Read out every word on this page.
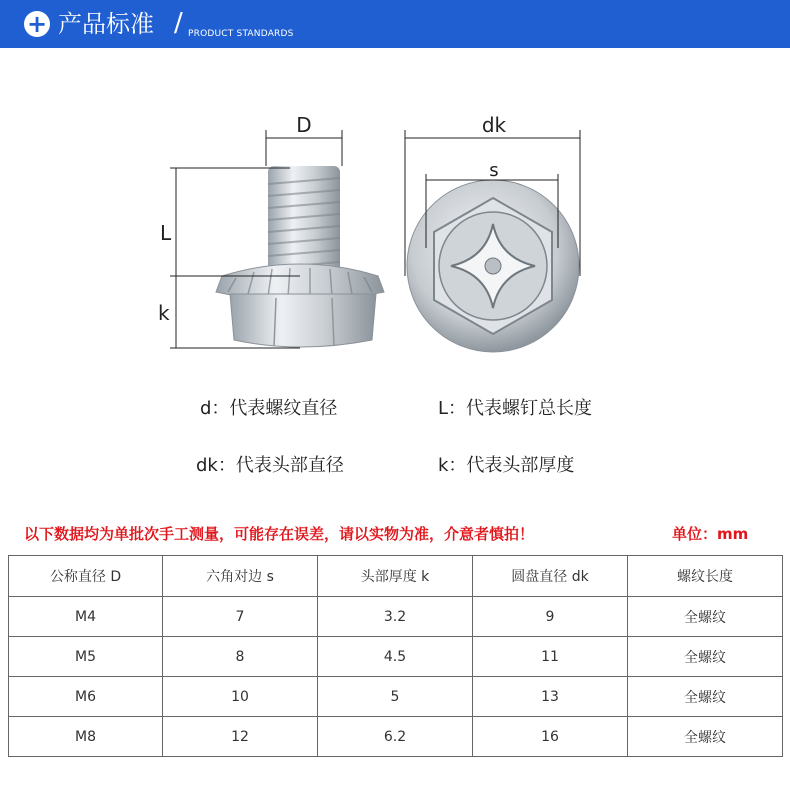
+ 产品标准 / PRODUCT STANDARDS
D
L
k
dk
s
d：代表螺纹直径	L：代表螺钉总长度
dk：代表头部直径	k：代表头部厚度
以下数据均为单批次手工测量，可能存在误差，请以实物为准，介意者慎拍！	单位：mm
公称直径 D	六角对边 s	头部厚度 k	圆盘直径 dk	螺纹长度
M4	7	3.2	9	全螺纹
M5	8	4.5	11	全螺纹
M6	10	5	13	全螺纹
M8	12	6.2	16	全螺纹
